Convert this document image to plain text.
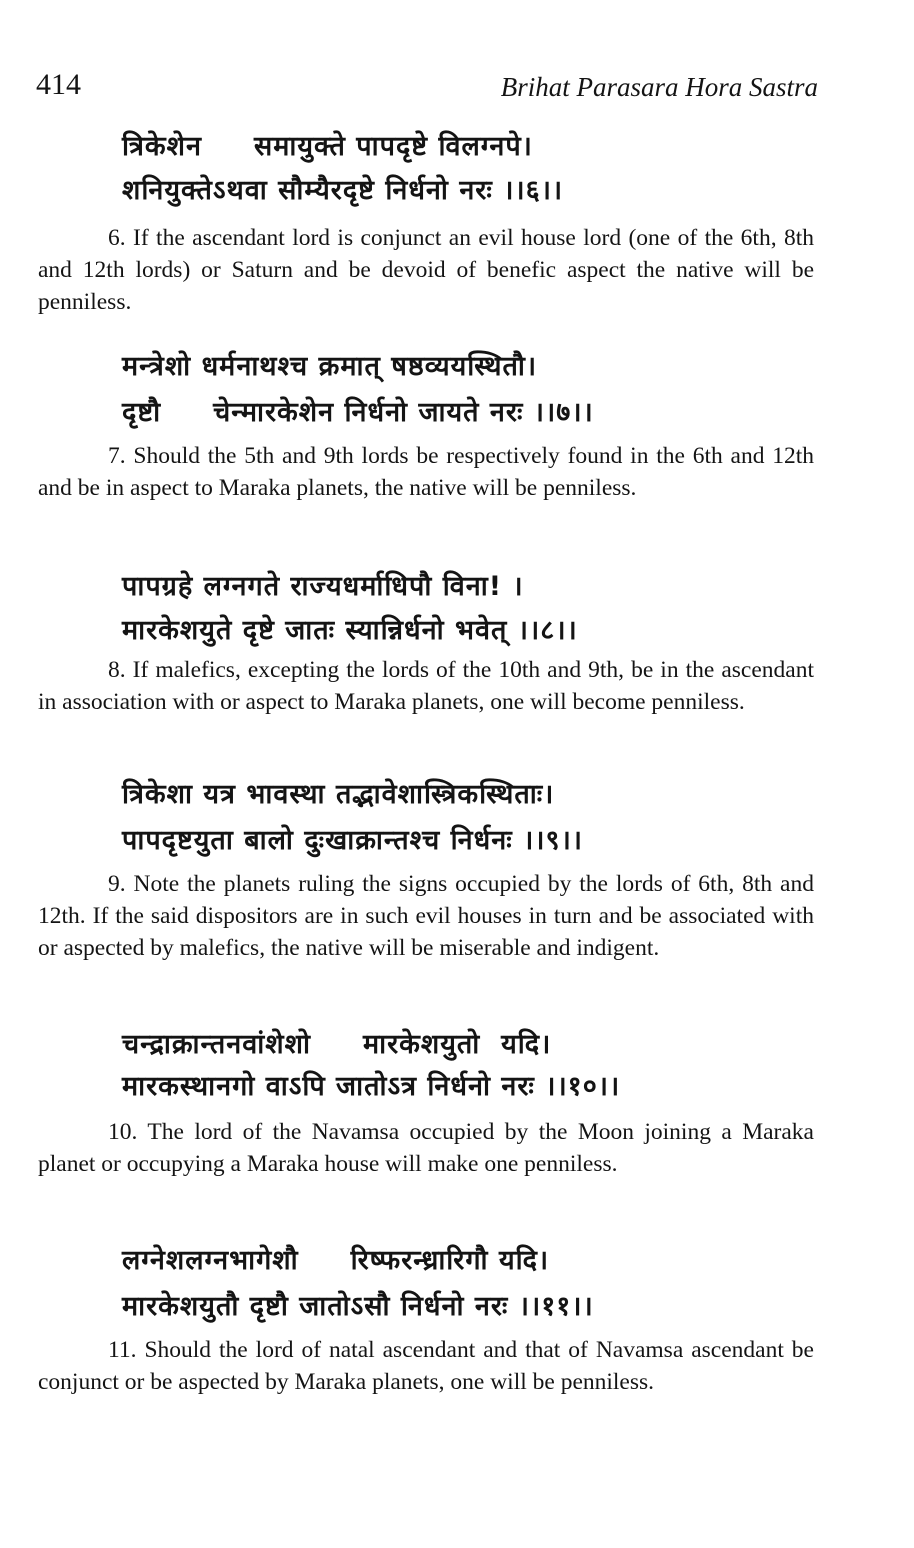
414	Brihat Parasara Hora Sastra
त्रिकेशेन     समायुक्ते पापदृष्टे विलग्नपे।
शनियुक्तेऽथवा सौम्यैरदृष्टे निर्धनो नरः ।।६।।
6. If the ascendant lord is conjunct an evil house lord (one of the 6th, 8th and 12th lords) or Saturn and be devoid of benefic aspect the native will be penniless.
मन्त्रेशो धर्मनाथश्च क्रमात् षष्ठव्ययस्थितौ।
दृष्टौ     चेन्मारकेशेन निर्धनो जायते नरः ।।७।।
7. Should the 5th and 9th lords be respectively found in the 6th and 12th and be in aspect to Maraka planets, the native will be penniless.
पापग्रहे लग्नगते राज्यधर्माधिपौ विना! ।
मारकेशयुते दृष्टे जातः स्यान्निर्धनो भवेत् ।।८।।
8. If malefics, excepting the lords of the 10th and 9th, be in the ascendant in association with or aspect to Maraka planets, one will become penniless.
त्रिकेशा यत्र भावस्था तद्भावेशास्त्रिकस्थिताः।
पापदृष्टयुता बालो दुःखाक्रान्तश्च निर्धनः ।।९।।
9. Note the planets ruling the signs occupied by the lords of 6th, 8th and 12th. If the said dispositors are in such evil houses in turn and be associated with or aspected by malefics, the native will be miserable and indigent.
चन्द्राक्रान्तनवांशेशो     मारकेशयुतो  यदि।
मारकस्थानगो वाऽपि जातोऽत्र निर्धनो नरः ।।१०।।
10. The lord of the Navamsa occupied by the Moon joining a Maraka planet or occupying a Maraka house will make one penniless.
लग्नेशलग्नभागेशौ     रिष्फरन्ध्रारिगौ यदि।
मारकेशयुतौ दृष्टौ जातोऽसौ निर्धनो नरः ।।११।।
11. Should the lord of natal ascendant and that of Navamsa ascendant be conjunct or be aspected by Maraka planets, one will be penniless.
